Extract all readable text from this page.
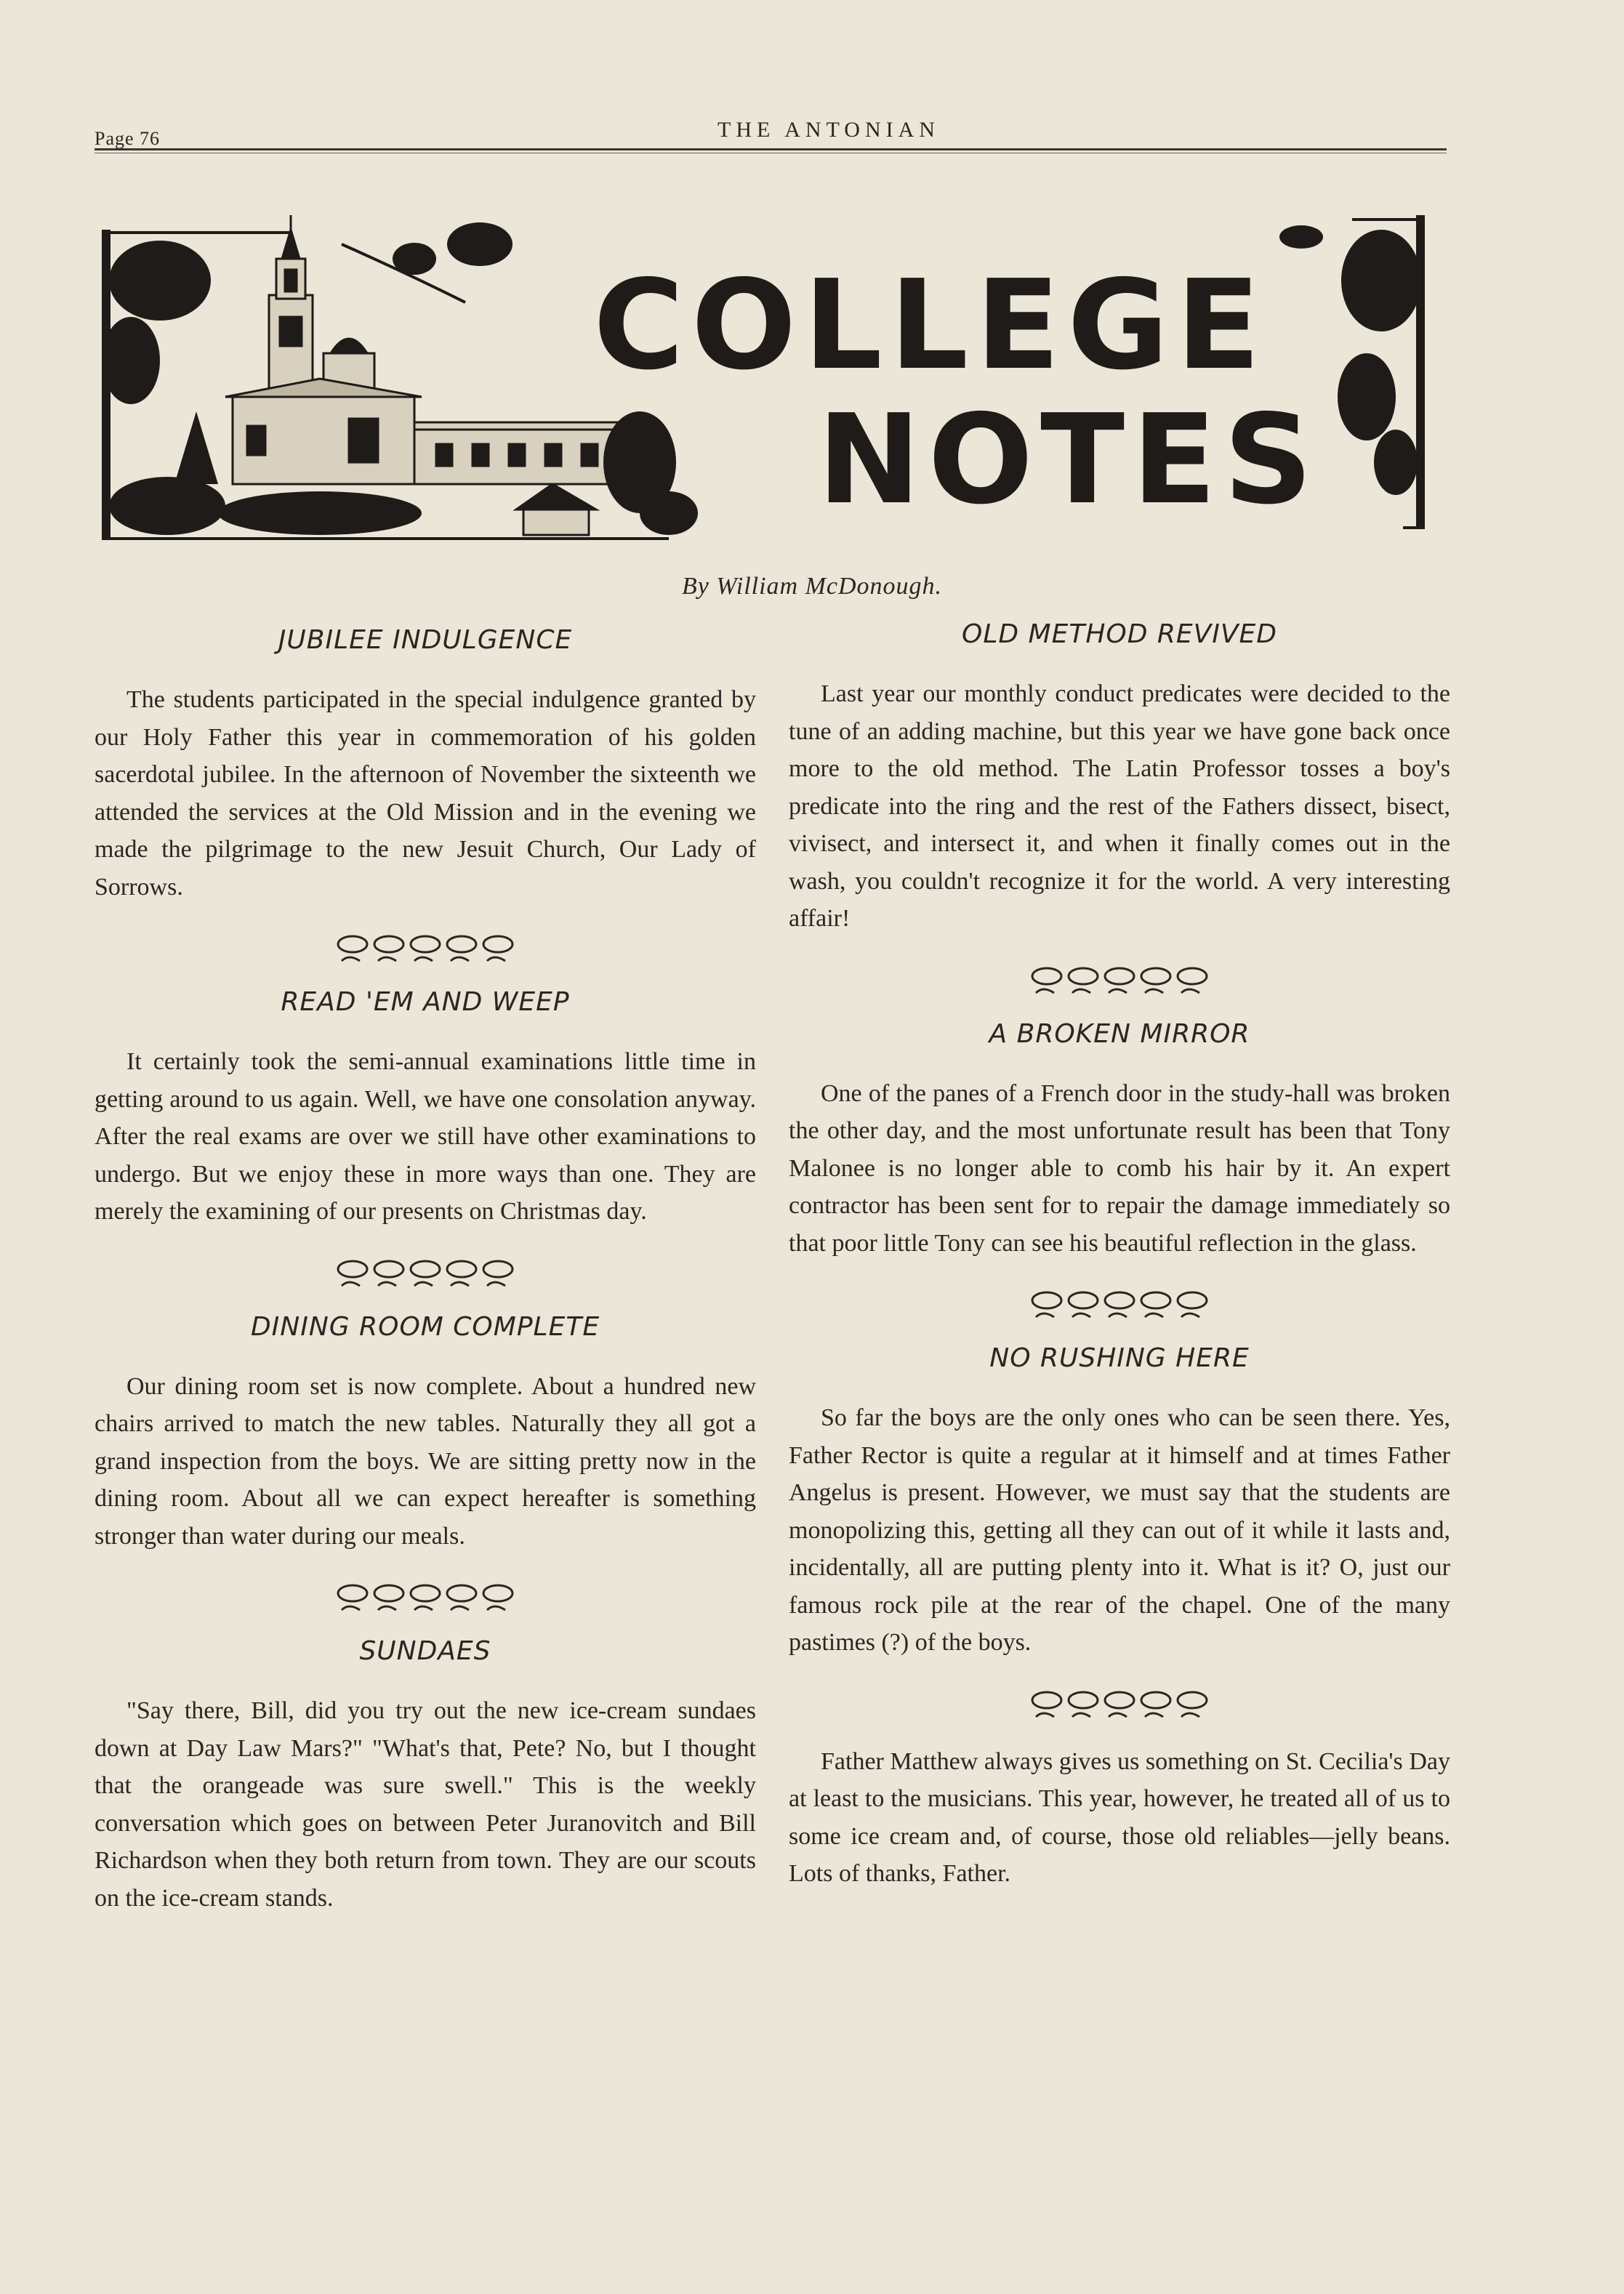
Page 76	THE ANTONIAN
COLLEGE
NOTES
By William McDonough.
JUBILEE INDULGENCE

The students participated in the special indulgence granted by our Holy Father this year in commemoration of his golden sacerdotal jubilee. In the afternoon of November the sixteenth we attended the services at the Old Mission and in the evening we made the pilgrimage to the new Jesuit Church, Our Lady of Sorrows.

READ 'EM AND WEEP

It certainly took the semi-annual examinations little time in getting around to us again. Well, we have one consolation anyway. After the real exams are over we still have other examinations to undergo. But we enjoy these in more ways than one. They are merely the examining of our presents on Christmas day.

DINING ROOM COMPLETE

Our dining room set is now complete. About a hundred new chairs arrived to match the new tables. Naturally they all got a grand inspection from the boys. We are sitting pretty now in the dining room. About all we can expect hereafter is something stronger than water during our meals.

SUNDAES

"Say there, Bill, did you try out the new ice-cream sundaes down at Day Law Mars?" "What's that, Pete? No, but I thought that the orangeade was sure swell." This is the weekly conversation which goes on between Peter Juranovitch and Bill Richardson when they both return from town. They are our scouts on the ice-cream stands.

OLD METHOD REVIVED

Last year our monthly conduct predicates were decided to the tune of an adding machine, but this year we have gone back once more to the old method. The Latin Professor tosses a boy's predicate into the ring and the rest of the Fathers dissect, bisect, vivisect, and intersect it, and when it finally comes out in the wash, you couldn't recognize it for the world. A very interesting affair!

A BROKEN MIRROR

One of the panes of a French door in the study-hall was broken the other day, and the most unfortunate result has been that Tony Malonee is no longer able to comb his hair by it. An expert contractor has been sent for to repair the damage immediately so that poor little Tony can see his beautiful reflection in the glass.

NO RUSHING HERE

So far the boys are the only ones who can be seen there. Yes, Father Rector is quite a regular at it himself and at times Father Angelus is present. However, we must say that the students are monopolizing this, getting all they can out of it while it lasts and, incidentally, all are putting plenty into it. What is it? O, just our famous rock pile at the rear of the chapel. One of the many pastimes (?) of the boys.

Father Matthew always gives us something on St. Cecilia's Day at least to the musicians. This year, however, he treated all of us to some ice cream and, of course, those old reliables—jelly beans. Lots of thanks, Father.
